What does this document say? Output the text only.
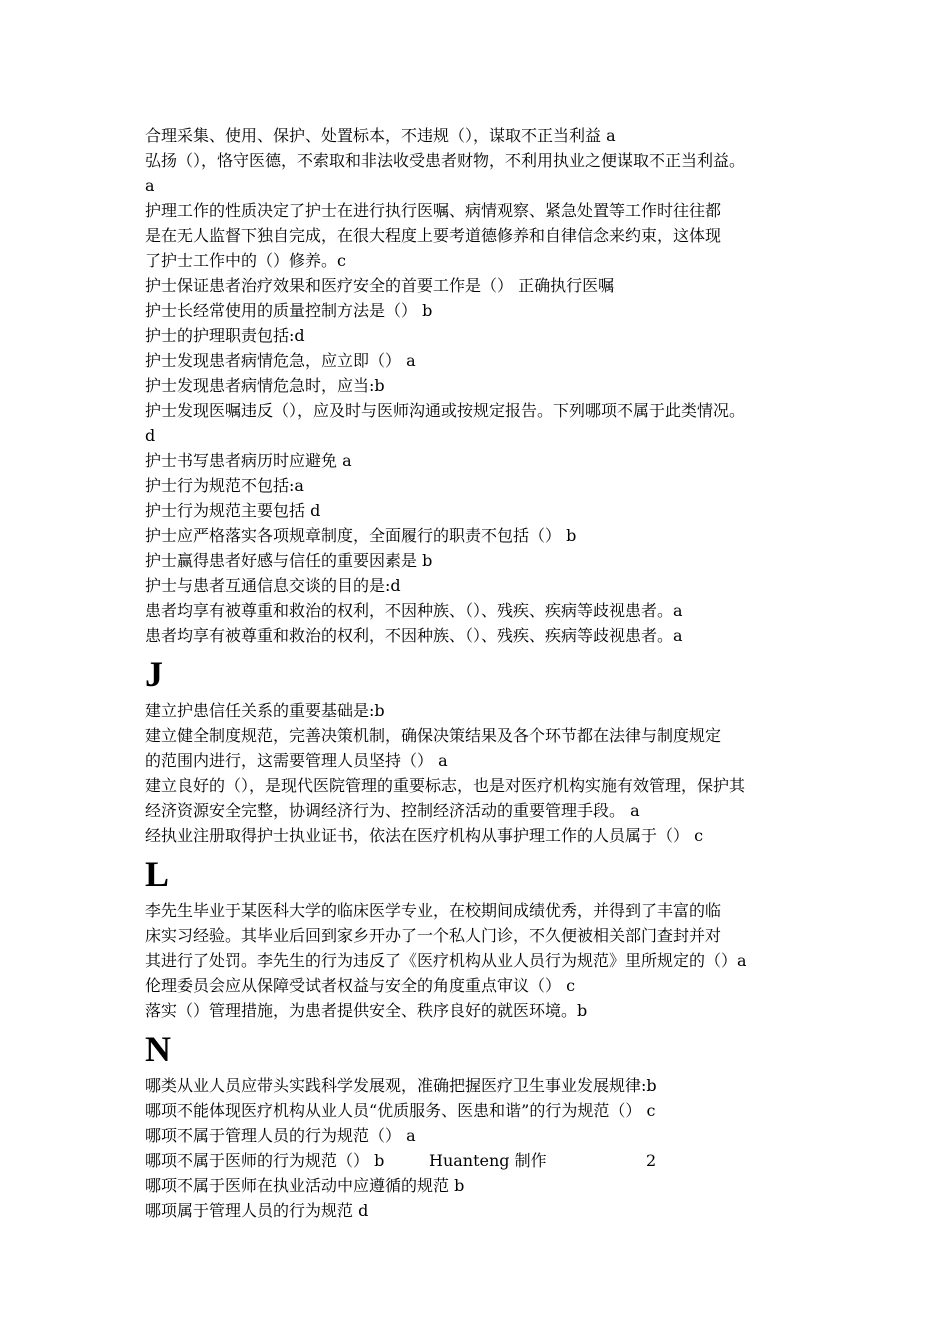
合理采集、使用、保护、处置标本，不违规（），谋取不正当利益 a
弘扬（），恪守医德，不索取和非法收受患者财物，不利用执业之便谋取不正当利益。
a
护理工作的性质决定了护士在进行执行医嘱、病情观察、紧急处置等工作时往往都
是在无人监督下独自完成，在很大程度上要考道德修养和自律信念来约束，这体现
了护士工作中的（）修养。c
护士保证患者治疗效果和医疗安全的首要工作是（） 正确执行医嘱
护士长经常使用的质量控制方法是（） b
护士的护理职责包括:d
护士发现患者病情危急，应立即（） a
护士发现患者病情危急时，应当:b
护士发现医嘱违反（），应及时与医师沟通或按规定报告。下列哪项不属于此类情况。
d
护士书写患者病历时应避免 a
护士行为规范不包括:a
护士行为规范主要包括 d
护士应严格落实各项规章制度，全面履行的职责不包括（） b
护士赢得患者好感与信任的重要因素是 b
护士与患者互通信息交谈的目的是:d
患者均享有被尊重和救治的权利，不因种族、（）、残疾、疾病等歧视患者。a
患者均享有被尊重和救治的权利，不因种族、（）、残疾、疾病等歧视患者。a
J
建立护患信任关系的重要基础是:b
建立健全制度规范，完善决策机制，确保决策结果及各个环节都在法律与制度规定
的范围内进行，这需要管理人员坚持（） a
建立良好的（），是现代医院管理的重要标志，也是对医疗机构实施有效管理，保护其
经济资源安全完整，协调经济行为、控制经济活动的重要管理手段。 a
经执业注册取得护士执业证书，依法在医疗机构从事护理工作的人员属于（） c
L
李先生毕业于某医科大学的临床医学专业，在校期间成绩优秀，并得到了丰富的临
床实习经验。其毕业后回到家乡开办了一个私人门诊，不久便被相关部门查封并对
其进行了处罚。李先生的行为违反了《医疗机构从业人员行为规范》里所规定的（）a
伦理委员会应从保障受试者权益与安全的角度重点审议（） c
落实（）管理措施，为患者提供安全、秩序良好的就医环境。b
N
哪类从业人员应带头实践科学发展观，准确把握医疗卫生事业发展规律:b
哪项不能体现医疗机构从业人员“优质服务、医患和谐”的行为规范（） c
哪项不属于管理人员的行为规范（） a
哪项不属于医师的行为规范（） b	Huanteng 制作	2
哪项不属于医师在执业活动中应遵循的规范 b
哪项属于管理人员的行为规范 d
